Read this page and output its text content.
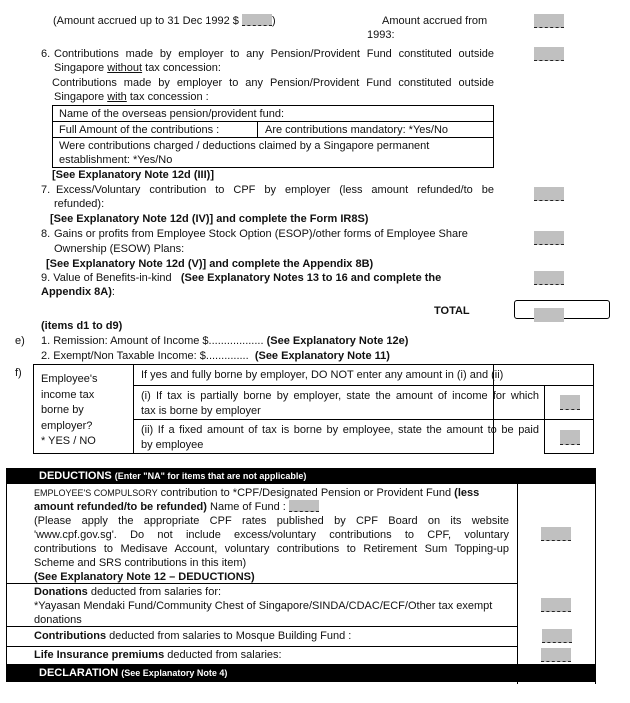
(Amount accrued up to 31 Dec 1992 $	)	Amount accrued from
1993:
6. Contributions made by employer to any Pension/Provident Fund constituted outside
Singapore without tax concession:
Contributions made by employer to any Pension/Provident Fund constituted outside
Singapore with tax concession :
Name of the overseas pension/provident fund:
Full Amount of the contributions :	Are contributions mandatory: *Yes/No
Were contributions charged / deductions claimed by a Singapore permanent
establishment: *Yes/No
[See Explanatory Note 12d (III)]
7. Excess/Voluntary contribution to CPF by employer (less amount refunded/to be
refunded):
[See Explanatory Note 12d (IV)] and complete the Form IR8S)
8. Gains or profits from Employee Stock Option (ESOP)/other forms of Employee Share
Ownership (ESOW) Plans:
[See Explanatory Note 12d (V)] and complete the Appendix 8B)
9. Value of Benefits-in-kind (See Explanatory Notes 13 to 16 and complete the
Appendix 8A):
TOTAL
(items d1 to d9)
e) 1. Remission: Amount of Income $.................. (See Explanatory Note 12e)
2. Exempt/Non Taxable Income: $.............. (See Explanatory Note 11)
f) Employee's
income tax
borne by
employer?
* YES / NO
If yes and fully borne by employer, DO NOT enter any amount in (i) and (ii)
(i) If tax is partially borne by employer, state the amount of income for which
tax is borne by employer
(ii) If a fixed amount of tax is borne by employee, state the amount to be paid
by employee
DEDUCTIONS (Enter "NA" for items that are not applicable)
EMPLOYEE'S COMPULSORY contribution to *CPF/Designated Pension or Provident Fund (less
amount refunded/to be refunded) Name of Fund :
(Please apply the appropriate CPF rates published by CPF Board on its website
'www.cpf.gov.sg'. Do not include excess/voluntary contributions to CPF, voluntary
contributions to Medisave Account, voluntary contributions to Retirement Sum Topping-up
Scheme and SRS contributions in this item)
(See Explanatory Note 12 – DEDUCTIONS)
Donations deducted from salaries for:
*Yayasan Mendaki Fund/Community Chest of Singapore/SINDA/CDAC/ECF/Other tax exempt
donations
Contributions deducted from salaries to Mosque Building Fund :
Life Insurance premiums deducted from salaries:
DECLARATION (See Explanatory Note 4)
